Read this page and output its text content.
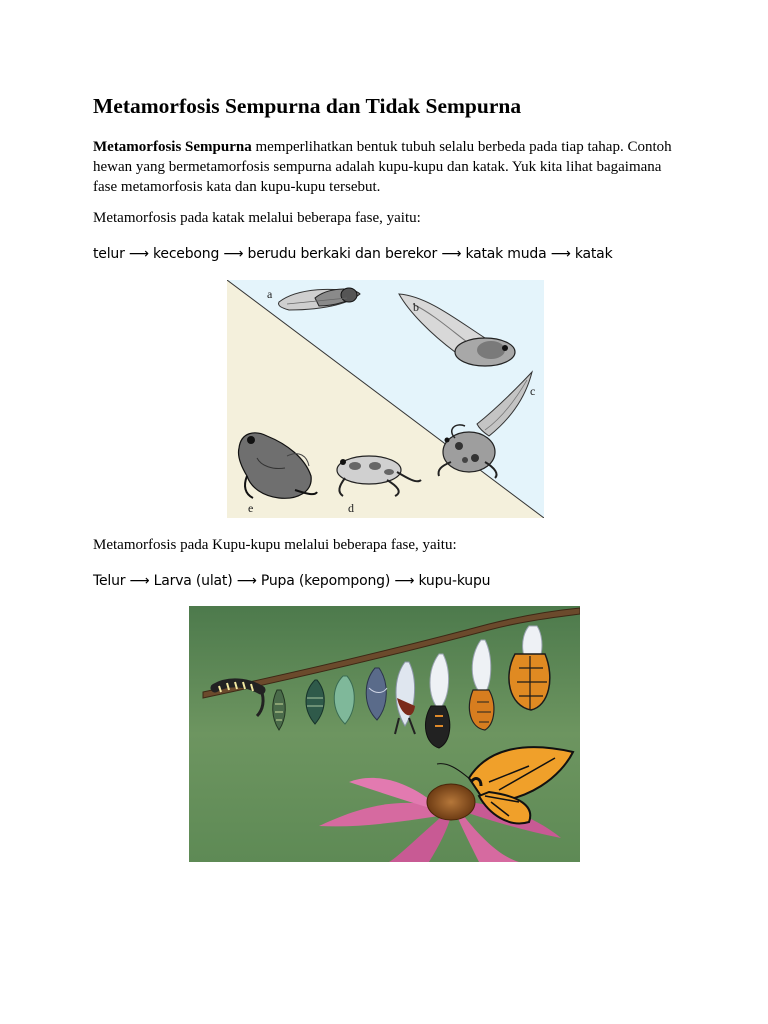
Metamorfosis Sempurna dan Tidak Sempurna

Metamorfosis Sempurna memperlihatkan bentuk tubuh selalu berbeda pada tiap tahap. Contoh hewan yang bermetamorfosis sempurna adalah kupu-kupu dan katak. Yuk kita lihat bagaimana fase metamorfosis kata dan kupu-kupu tersebut.

Metamorfosis pada katak melalui beberapa fase, yaitu:

telur ⟶ kecebong ⟶ berudu berkaki dan berekor ⟶ katak muda ⟶ katak

a
b
c
d
e

Metamorfosis pada Kupu-kupu melalui beberapa fase, yaitu:

Telur ⟶ Larva (ulat) ⟶ Pupa (kepompong) ⟶ kupu-kupu
